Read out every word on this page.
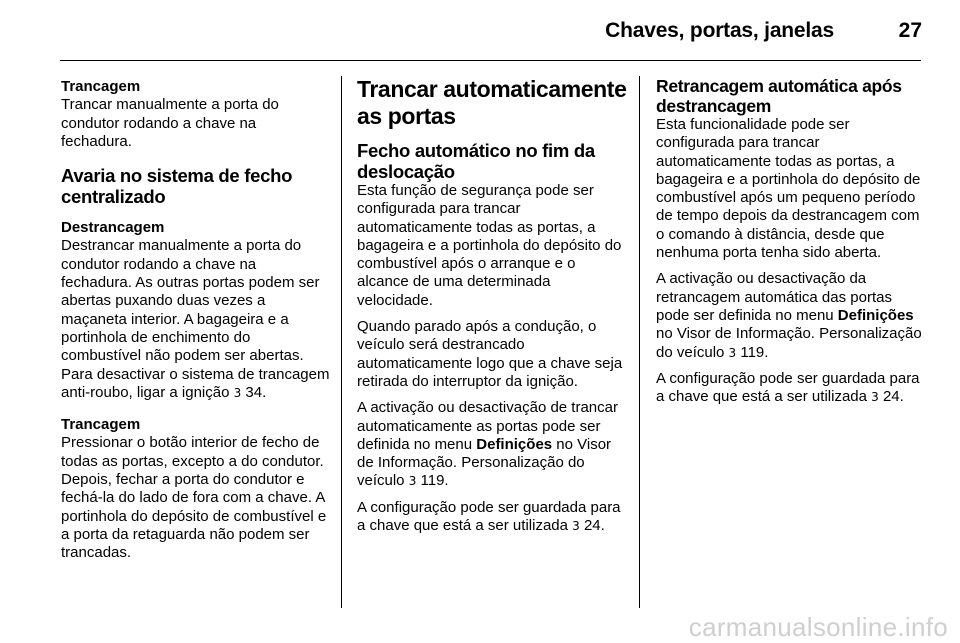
Chaves, portas, janelas	27

Trancagem
Trancar manualmente a porta do condutor rodando a chave na fechadura.

Avaria no sistema de fecho centralizado

Destrancagem
Destrancar manualmente a porta do condutor rodando a chave na fechadura. As outras portas podem ser abertas puxando duas vezes a maçaneta interior. A bagageira e a portinhola de enchimento do combustível não podem ser abertas. Para desactivar o sistema de trancagem anti-roubo, ligar a ignição 3 34.

Trancagem
Pressionar o botão interior de fecho de todas as portas, excepto a do condutor. Depois, fechar a porta do condutor e fechá-la do lado de fora com a chave. A portinhola do depósito de combustível e a porta da retaguarda não podem ser trancadas.

Trancar automaticamente as portas
Fecho automático no fim da deslocação

Esta função de segurança pode ser configurada para trancar automaticamente todas as portas, a bagageira e a portinhola do depósito do combustível após o arranque e o alcance de uma determinada velocidade.

Quando parado após a condução, o veículo será destrancado automaticamente logo que a chave seja retirada do interruptor da ignição.

A activação ou desactivação de trancar automaticamente as portas pode ser definida no menu Definições no Visor de Informação. Personalização do veículo 3 119.

A configuração pode ser guardada para a chave que está a ser utilizada 3 24.

Retrancagem automática após destrancagem

Esta funcionalidade pode ser configurada para trancar automaticamente todas as portas, a bagageira e a portinhola do depósito de combustível após um pequeno período de tempo depois da destrancagem com o comando à distância, desde que nenhuma porta tenha sido aberta.

A activação ou desactivação da retrancagem automática das portas pode ser definida no menu Definições no Visor de Informação. Personalização do veículo 3 119.

A configuração pode ser guardada para a chave que está a ser utilizada 3 24.

carmanualsonline.info
